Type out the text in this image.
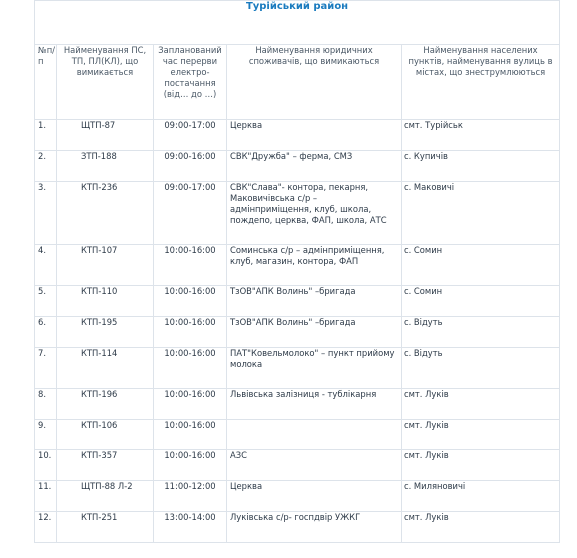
Турійський район				
№п/п	Найменування ПС, ТП, ПЛ(КЛ), що вимикається	Запланований час перерви електро-постачання (від… до …)	Найменування юридичних споживачів, що вимикаються	Найменування населених пунктів, найменування вулиць в містах, що знеструмлюються
1.	ЩТП-87	09:00-17:00	Церква	смт. Турійськ
2.	ЗТП-188	09:00-16:00	СВК"Дружба" – ферма, СМЗ	с. Купичів
3.	КТП-236	09:00-17:00	СВК"Слава"- контора, пекарня, Маковичівська с/р – адмінприміщення, клуб, школа, пождепо, церква, ФАП, школа, АТС	с. Маковичі
4.	КТП-107	10:00-16:00	Соминська с/р – адмінприміщення, клуб, магазин, контора, ФАП	с. Сомин
5.	КТП-110	10:00-16:00	ТзОВ"АПК Волинь" –бригада	с. Сомин
6.	КТП-195	10:00-16:00	ТзОВ"АПК Волинь" –бригада	с. Відуть
7.	КТП-114	10:00-16:00	ПАТ"Ковельмолоко" – пункт прийому молока	с. Відуть
8.	КТП-196	10:00-16:00	Львівська залізниця - тублікарня	смт. Луків
9.	КТП-106	10:00-16:00		смт. Луків
10.	КТП-357	10:00-16:00	АЗС	смт. Луків
11.	ЩТП-88 Л-2	11:00-12:00	Церква	с. Миляновичі
12.	КТП-251	13:00-14:00	Луківська с/р- госпдвір УЖКГ	смт. Луків
